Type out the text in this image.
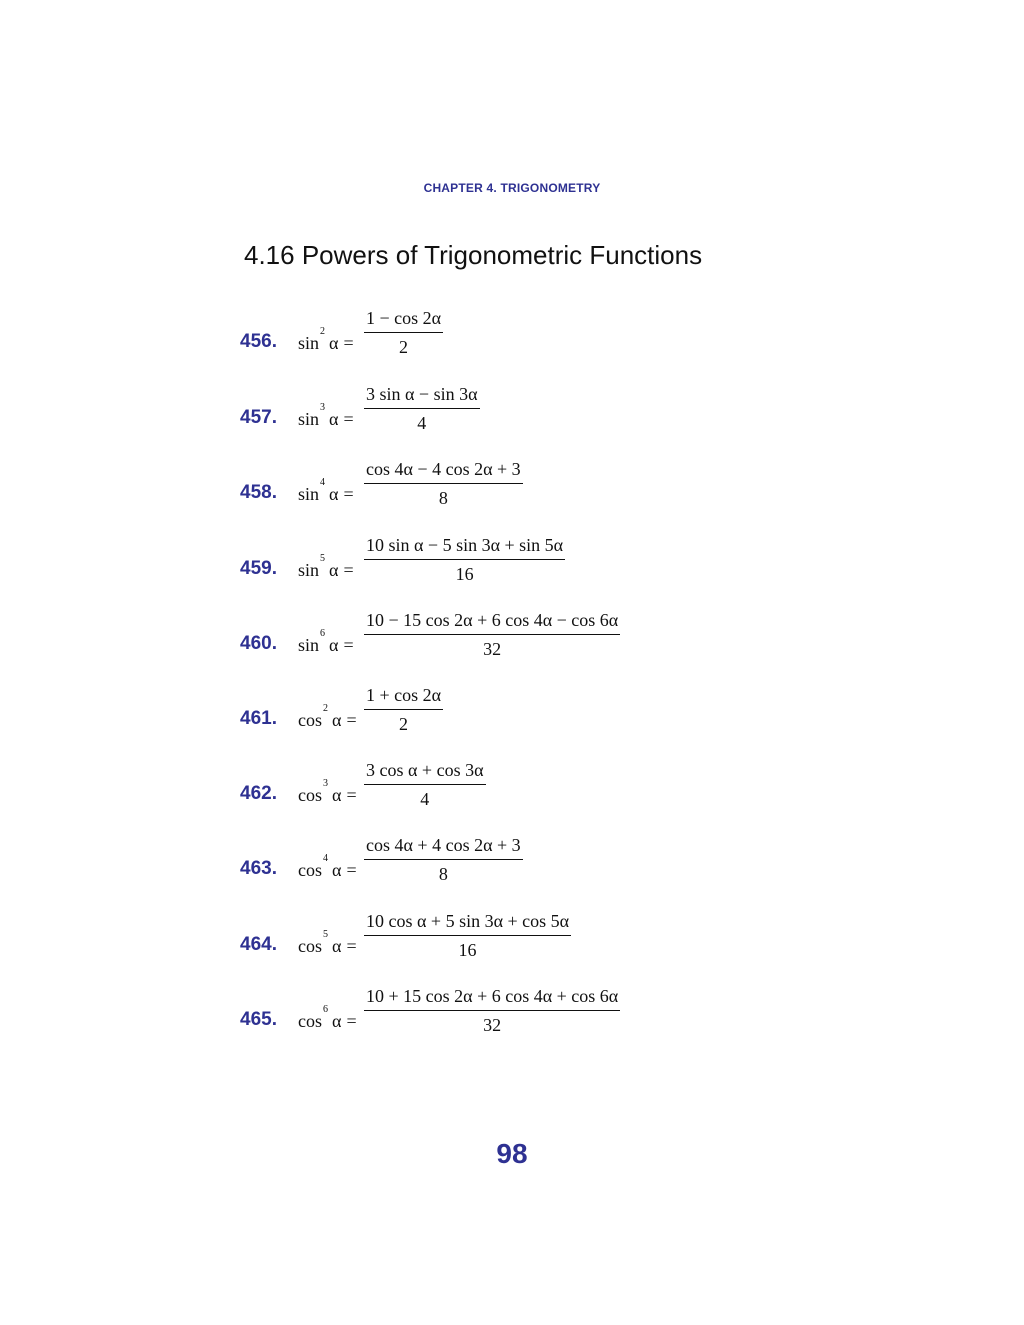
CHAPTER 4. TRIGONOMETRY
4.16 Powers of Trigonometric Functions
456. $\sin^2\alpha = \frac{1 - \cos 2\alpha}{2}$
457. $\sin^3\alpha = \frac{\text{3 sin α − sin 3α}}{4}$
458. $\sin^4\alpha = \frac{\cos 4\alpha - 4 \cos 2\alpha + 3}{8}$
459. $\sin^5\alpha = \frac{\text{10 sin α − 5 sin 3α + sin 5α}}{16}$
460. $\sin^6\alpha = \frac{10 - 15 \cos 2\alpha + 6 \cos 4\alpha - \cos 6\alpha}{32}$
461. $\cos^2\alpha = \frac{1 + \cos 2\alpha}{2}$
462. $\cos^3\alpha = \frac{\text{3 cos α + cos 3α}}{4}$
463. $\cos^4\alpha = \frac{\cos 4\alpha + 4 \cos 2\alpha + 3}{8}$
464. $\cos^5\alpha = \frac{\text{10 cos α + 5 sin 3α + cos 5α}}{16}$
465. $\cos^6\alpha = \frac{10 + 15 \cos 2\alpha + 6 \cos 4\alpha + \cos 6\alpha}{32}$
98
